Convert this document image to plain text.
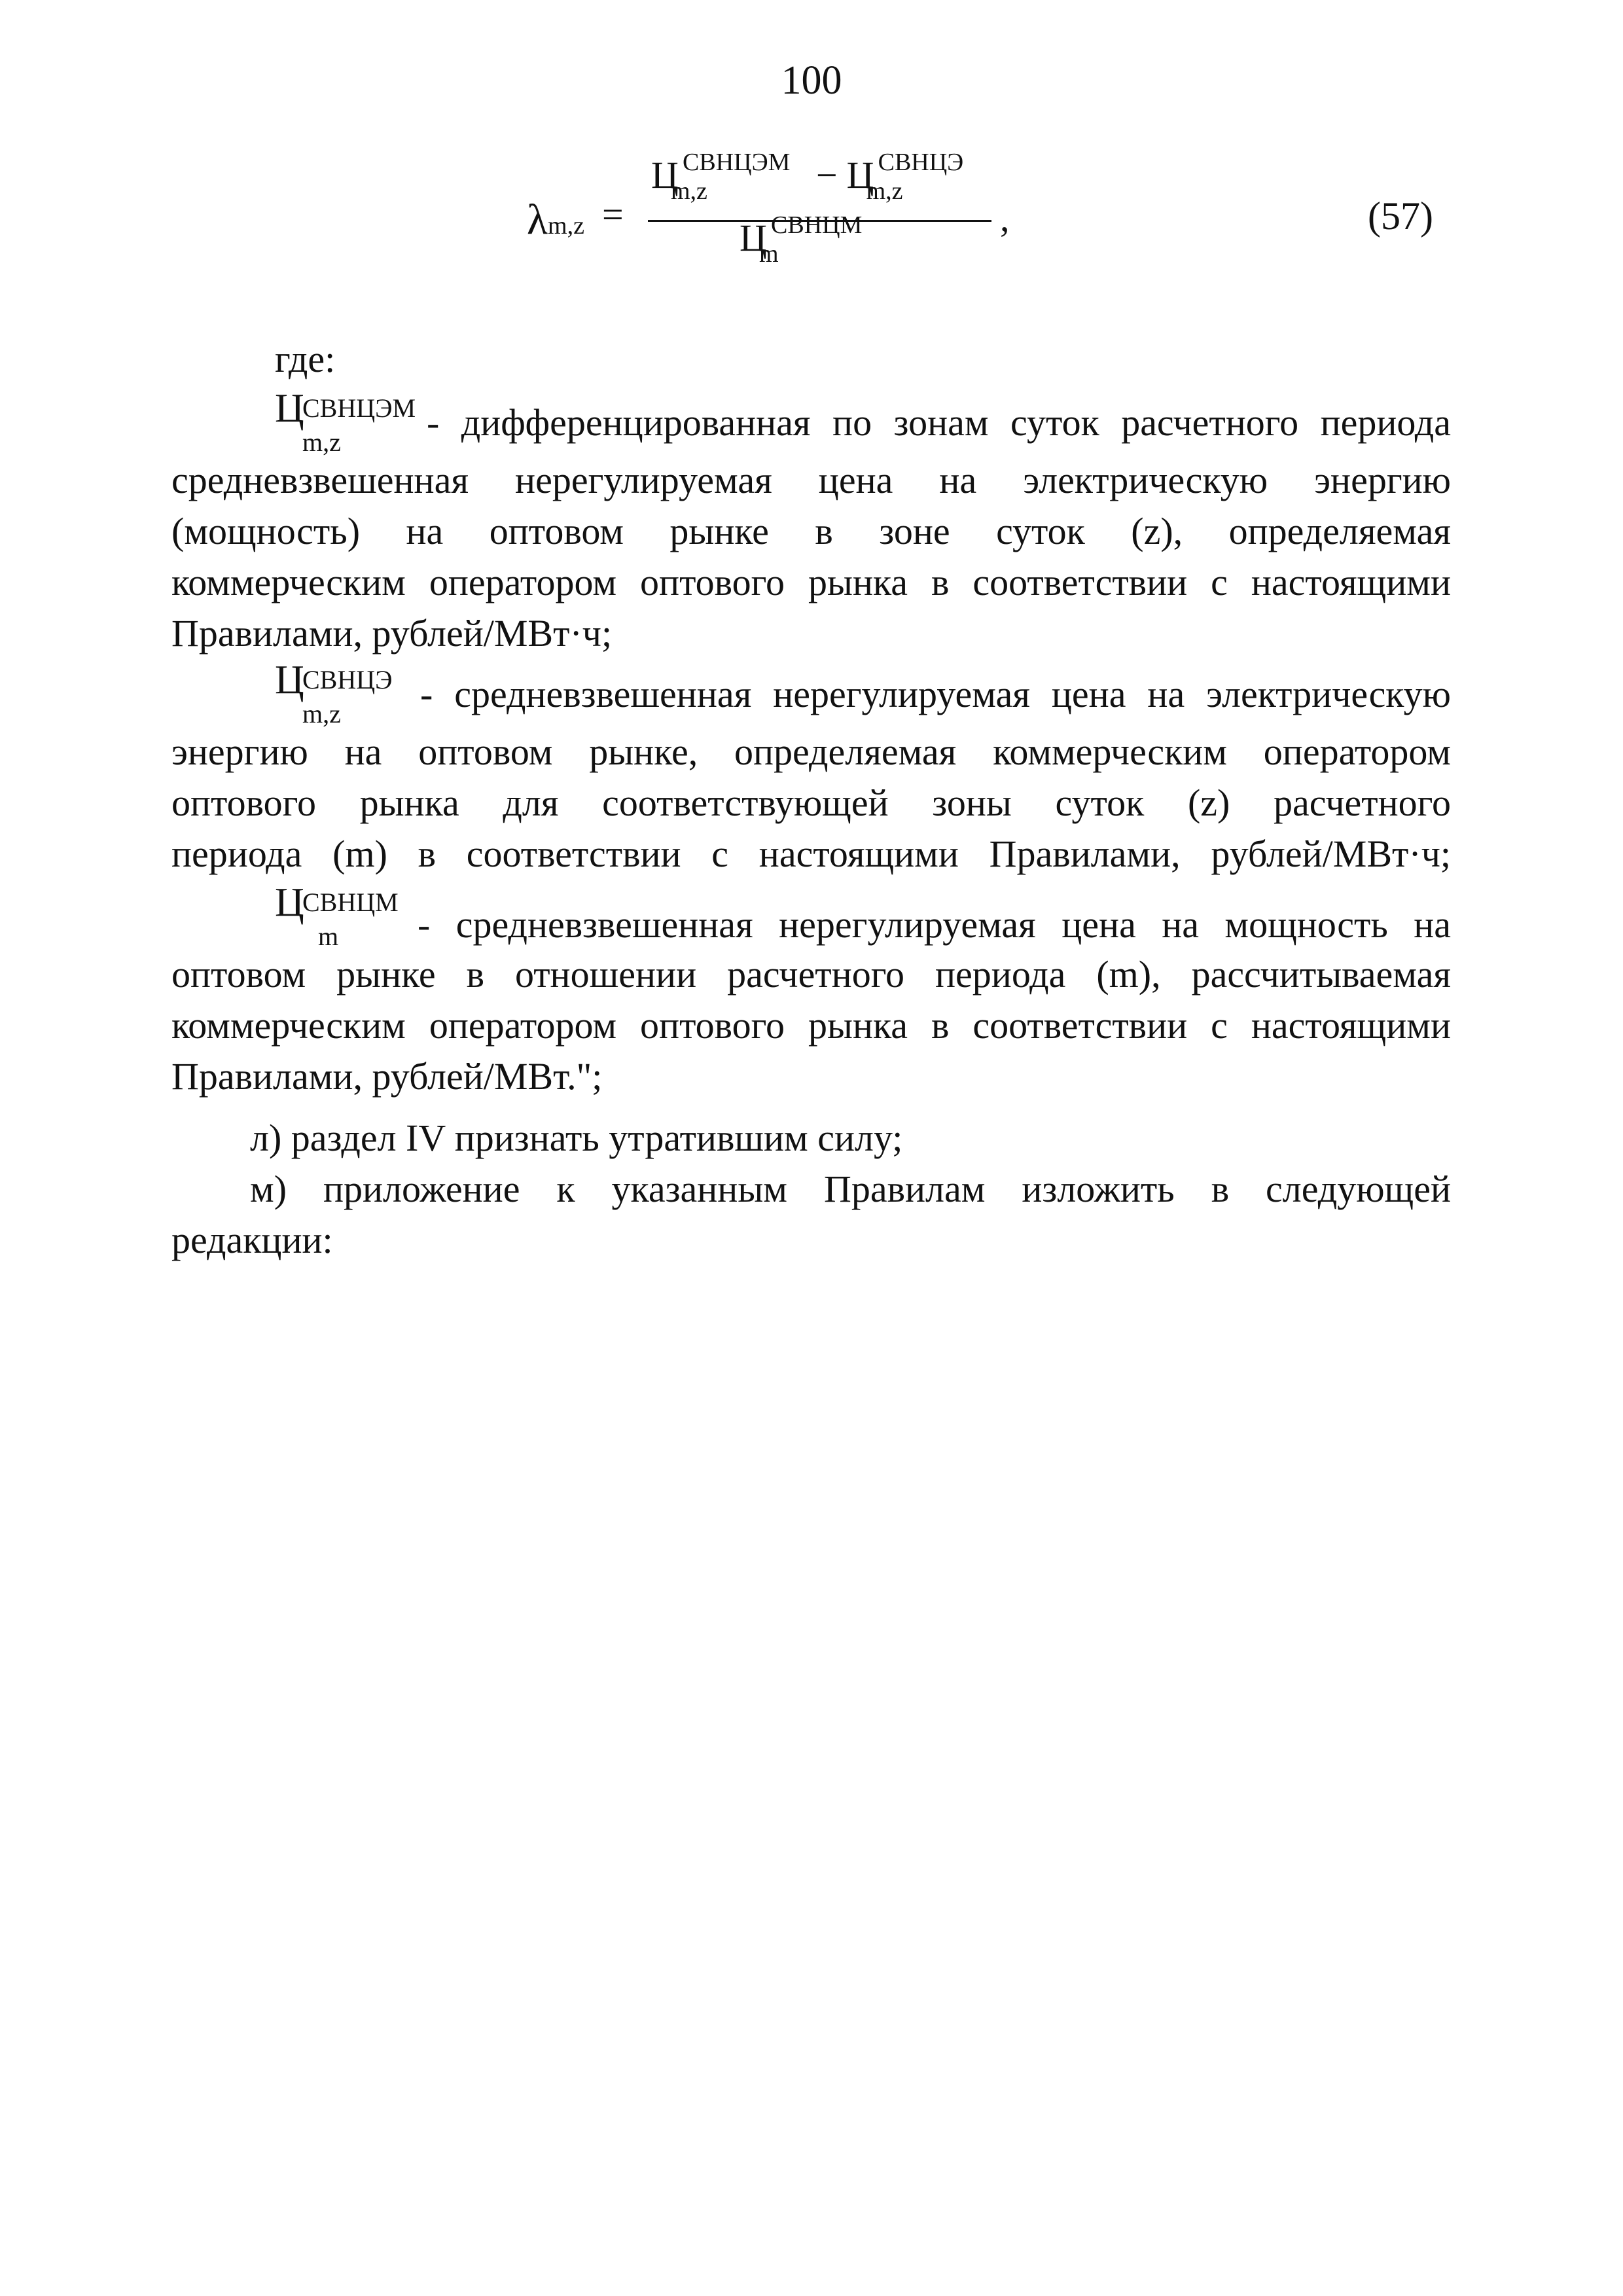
100
λm,z =
Ц СВНЦЭМ
m,z	− Ц СВНЦЭ
m,z
Ц СВНЦМ
m
,	(57)
где:
Ц
СВНЦЭМ
m,z - дифференцированная по зонам суток расчетного периода
средневзвешенная нерегулируемая цена на электрическую энергию
(мощность) на оптовом рынке в зоне суток (z), определяемая
коммерческим оператором оптового рынка в соответствии с настоящими
Правилами, рублей/МВт·ч;
Ц
СВНЦЭ
m,z - средневзвешенная нерегулируемая цена на электрическую
энергию на оптовом рынке, определяемая коммерческим оператором
оптового рынка для соответствующей зоны суток (z) расчетного
периода (m) в соответствии с настоящими Правилами, рублей/МВт·ч;
Ц
СВНЦМ
m - средневзвешенная нерегулируемая цена на мощность на
оптовом рынке в отношении расчетного периода (m), рассчитываемая
коммерческим оператором оптового рынка в соответствии с настоящими
Правилами, рублей/МВт.";
л) раздел IV признать утратившим силу;
м) приложение к указанным Правилам изложить в следующей
редакции:
